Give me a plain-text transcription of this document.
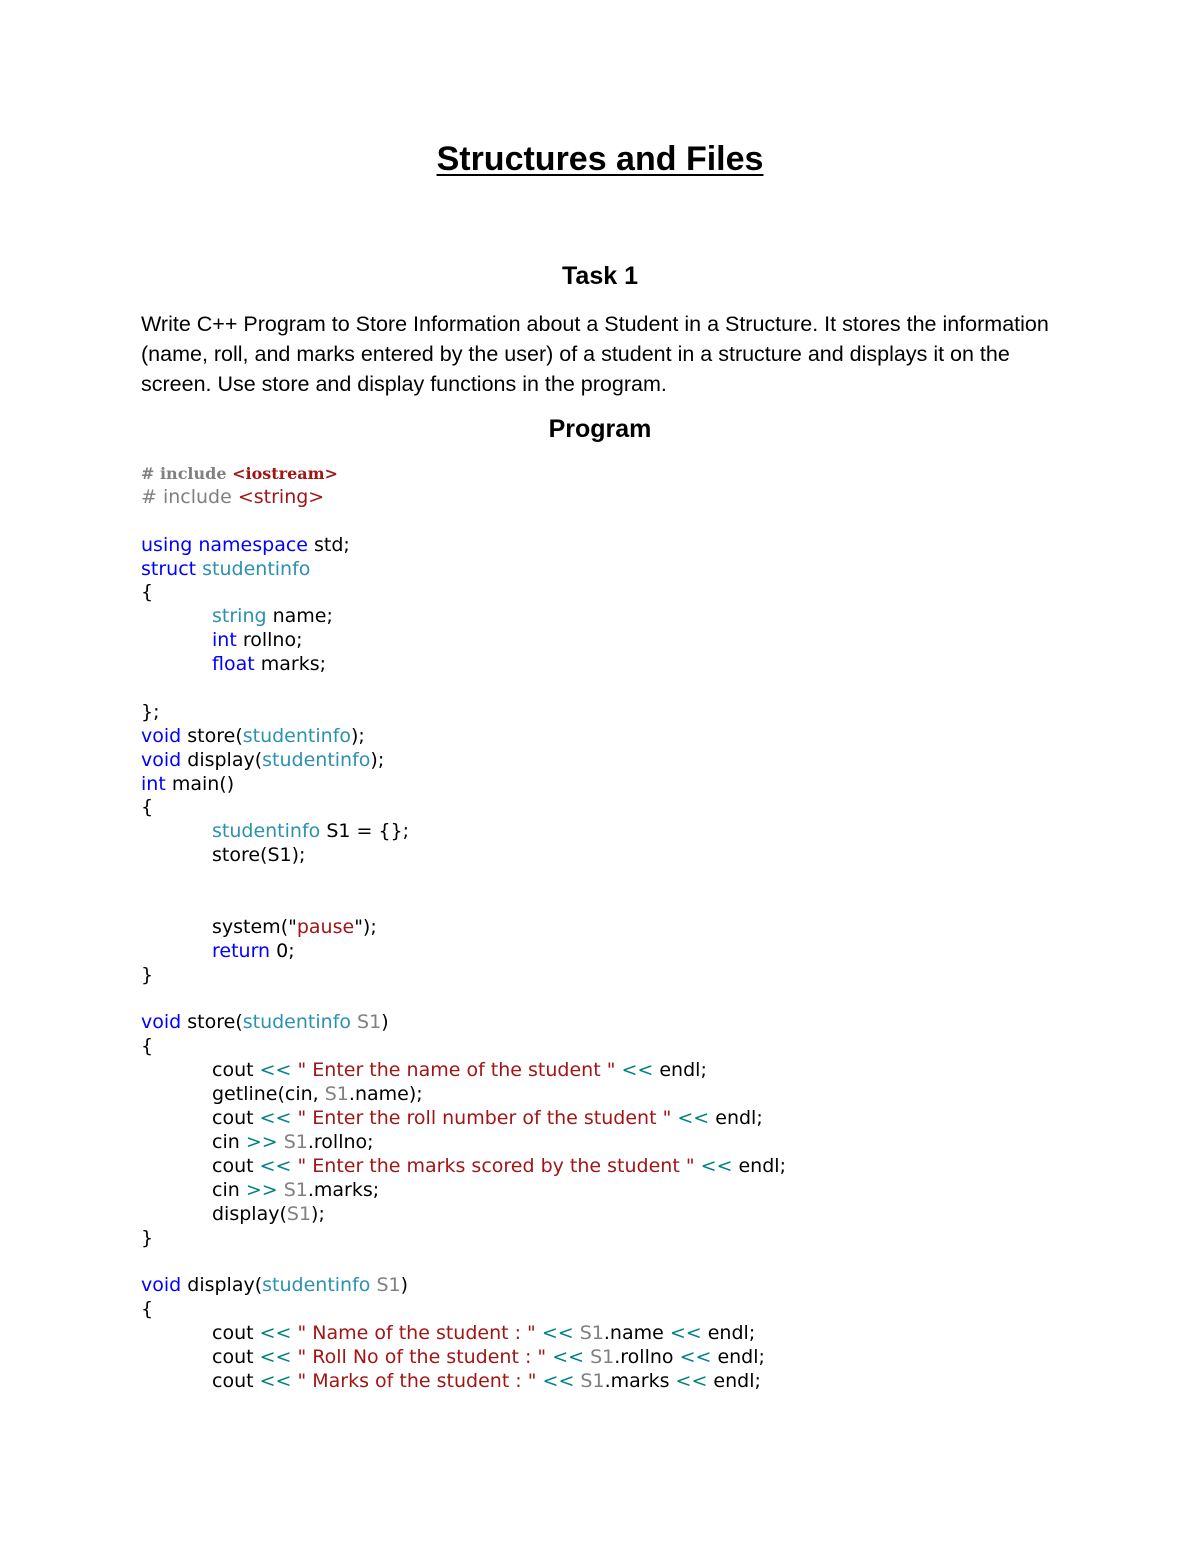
Structures and Files
Task 1

Write C++ Program to Store Information about a Student in a Structure. It stores the information (name, roll, and marks entered by the user) of a student in a structure and displays it on the screen. Use store and display functions in the program.

Program
# include <iostream>
# include <string>
using namespace std;
struct studentinfo
{
string name;
int rollno;
float marks;
};
void store(studentinfo);
void display(studentinfo);
int main()
{
studentinfo S1 = {};
store(S1);
system("pause");
return 0;
}
void store(studentinfo S1)
{
cout << " Enter the name of the student " << endl;
getline(cin, S1.name);
cout << " Enter the roll number of the student " << endl;
cin >> S1.rollno;
cout << " Enter the marks scored by the student " << endl;
cin >> S1.marks;
display(S1);
}
void display(studentinfo S1)
{
cout << " Name of the student : " << S1.name << endl;
cout << " Roll No of the student : " << S1.rollno << endl;
cout << " Marks of the student : " << S1.marks << endl;
